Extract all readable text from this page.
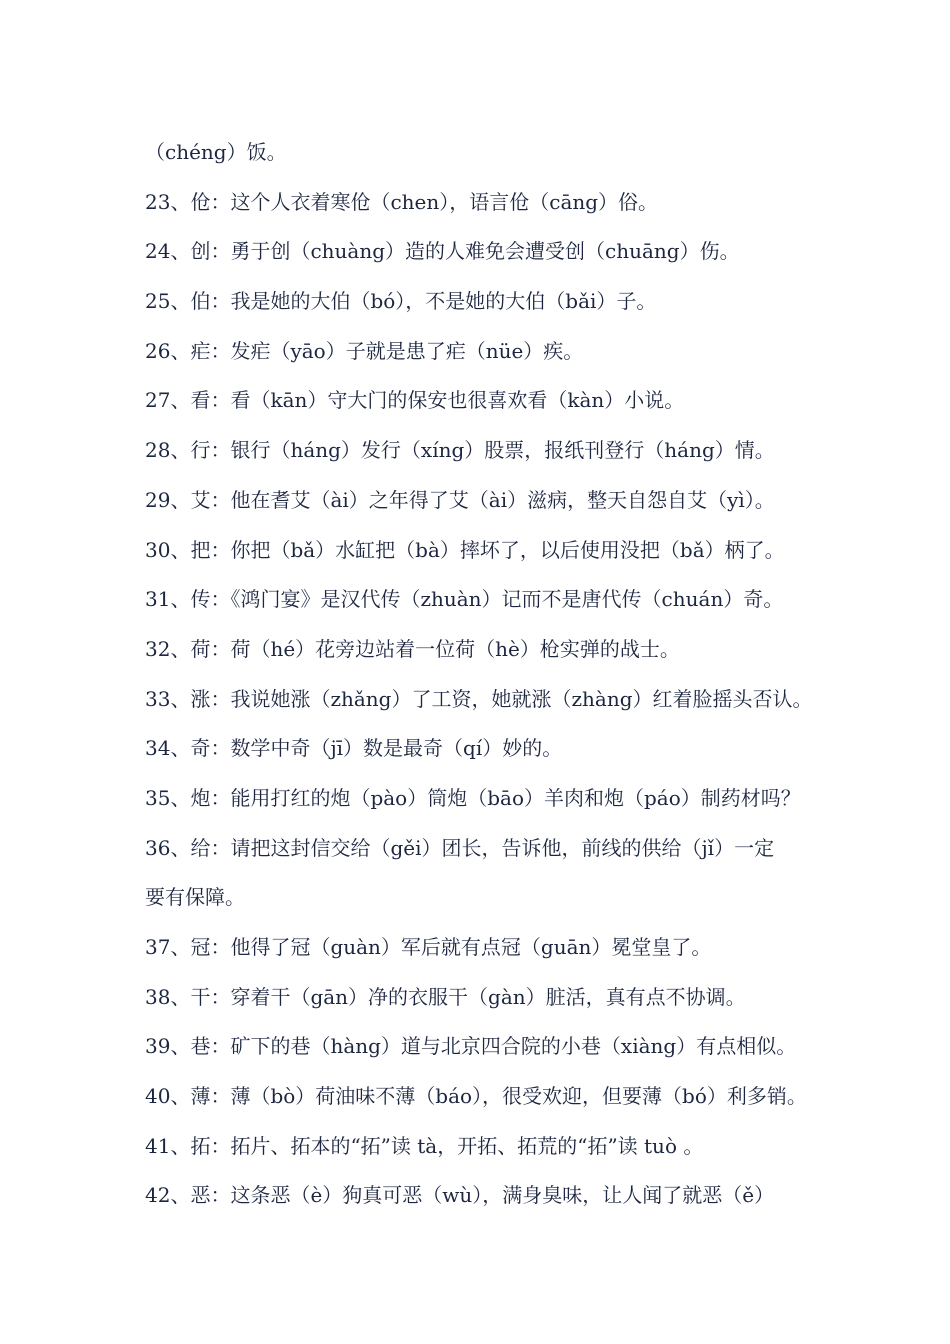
（chéng）饭。
23、伧：这个人衣着寒伧（chen），语言伧（cāng）俗。
24、创：勇于创（chuàng）造的人难免会遭受创（chuāng）伤。
25、伯：我是她的大伯（bó），不是她的大伯（bǎi）子。
26、疟：发疟（yāo）子就是患了疟（nüe）疾。
27、看：看（kān）守大门的保安也很喜欢看（kàn）小说。
28、行：银行（háng）发行（xíng）股票，报纸刊登行（háng）情。
29、艾：他在耆艾（ài）之年得了艾（ài）滋病，整天自怨自艾（yì）。
30、把：你把（bǎ）水缸把（bà）摔坏了，以后使用没把（bǎ）柄了。
31、传：《鸿门宴》是汉代传（zhuàn）记而不是唐代传（chuán）奇。
32、荷：荷（hé）花旁边站着一位荷（hè）枪实弹的战士。
33、涨：我说她涨（zhǎng）了工资，她就涨（zhàng）红着脸摇头否认。
34、奇：数学中奇（jī）数是最奇（qí）妙的。
35、炮：能用打红的炮（pào）筒炮（bāo）羊肉和炮（páo）制药材吗？
36、给：请把这封信交给（gěi）团长，告诉他，前线的供给（jǐ）一定
要有保障。
37、冠：他得了冠（guàn）军后就有点冠（guān）冕堂皇了。
38、干：穿着干（gān）净的衣服干（gàn）脏活，真有点不协调。
39、巷：矿下的巷（hàng）道与北京四合院的小巷（xiàng）有点相似。
40、薄：薄（bò）荷油味不薄（báo），很受欢迎，但要薄（bó）利多销。
41、拓：拓片、拓本的“拓”读 tà，开拓、拓荒的“拓”读 tuò 。
42、恶：这条恶（è）狗真可恶（wù），满身臭味，让人闻了就恶（ě）
